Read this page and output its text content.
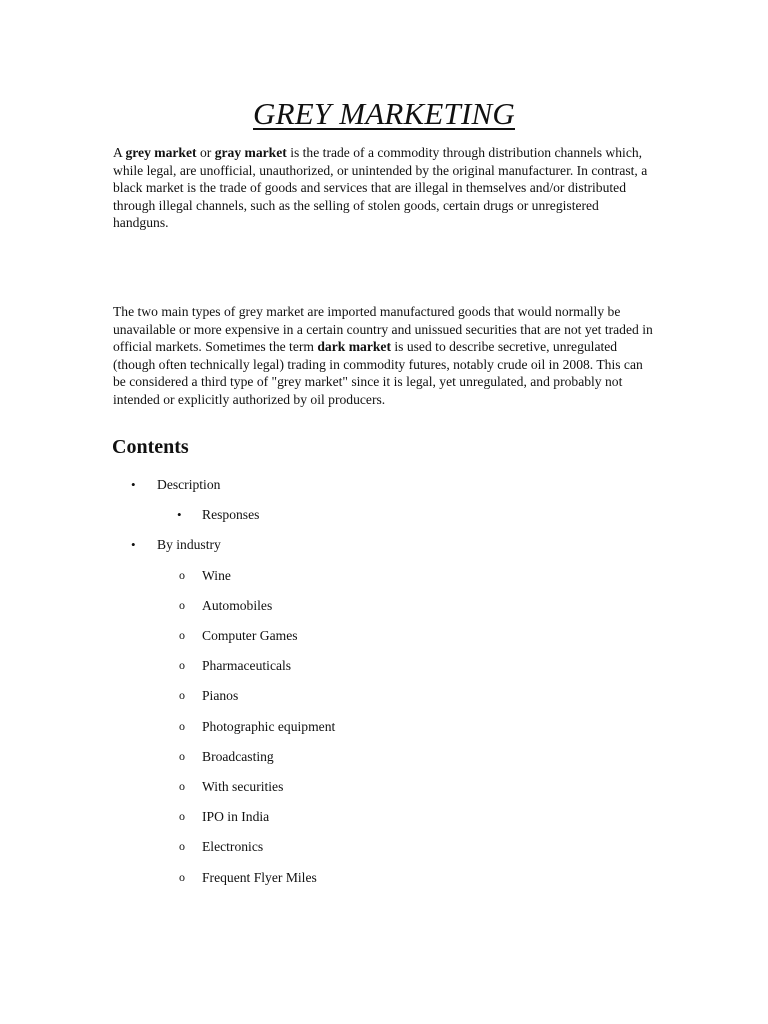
GREY MARKETING

A grey market or gray market is the trade of a commodity through distribution channels which, while legal, are unofficial, unauthorized, or unintended by the original manufacturer. In contrast, a black market is the trade of goods and services that are illegal in themselves and/or distributed through illegal channels, such as the selling of stolen goods, certain drugs or unregistered handguns.

The two main types of grey market are imported manufactured goods that would normally be unavailable or more expensive in a certain country and unissued securities that are not yet traded in official markets. Sometimes the term dark market is used to describe secretive, unregulated (though often technically legal) trading in commodity futures, notably crude oil in 2008. This can be considered a third type of "grey market" since it is legal, yet unregulated, and probably not intended or explicitly authorized by oil producers.

Contents
•
Description
•
Responses
•
By industry
o Wine
o Automobiles
o Computer Games
o Pharmaceuticals
o Pianos
o Photographic equipment
o Broadcasting
o With securities
o IPO in India
o Electronics
o Frequent Flyer Miles
